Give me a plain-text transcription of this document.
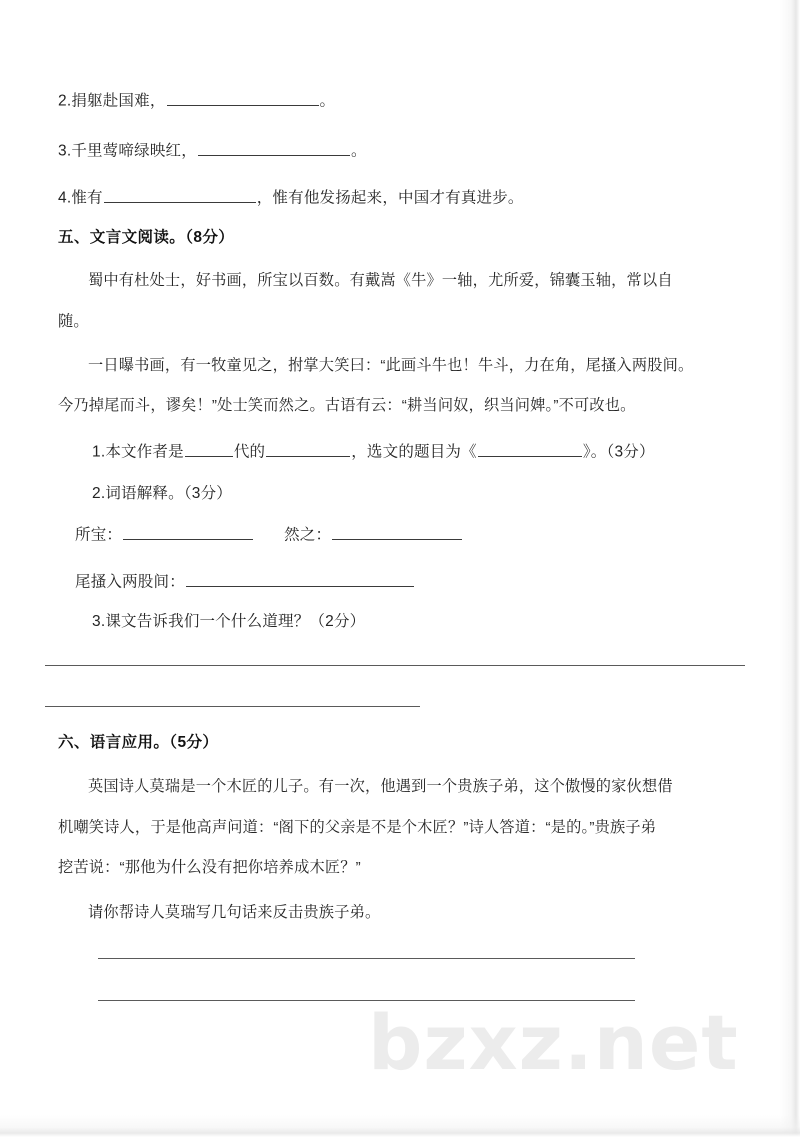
2.捐躯赴国难，	。
3.千里莺啼绿映红，	。
4.惟有	，惟有他发扬起来，中国才有真进步。
五、文言文阅读。（8分）
蜀中有杜处士，好书画，所宝以百数。有戴嵩《牛》一轴，尤所爱，锦囊玉轴，常以自
随。
一日曝书画，有一牧童见之，拊掌大笑曰：“此画斗牛也！牛斗，力在角，尾搔入两股间。
今乃掉尾而斗，谬矣！”处士笑而然之。古语有云：“耕当问奴，织当问婢。”不可改也。
1.本文作者是	代的	，选文的题目为《	》。（3分）
2.词语解释。（3分）
所宝：	然之：
尾搔入两股间：
3.课文告诉我们一个什么道理？（2分）
六、语言应用。（5分）
英国诗人莫瑞是一个木匠的儿子。有一次，他遇到一个贵族子弟，这个傲慢的家伙想借
机嘲笑诗人，于是他高声问道：“阁下的父亲是不是个木匠？”诗人答道：“是的。”贵族子弟
挖苦说：“那他为什么没有把你培养成木匠？”
请你帮诗人莫瑞写几句话来反击贵族子弟。
bzxz.net
